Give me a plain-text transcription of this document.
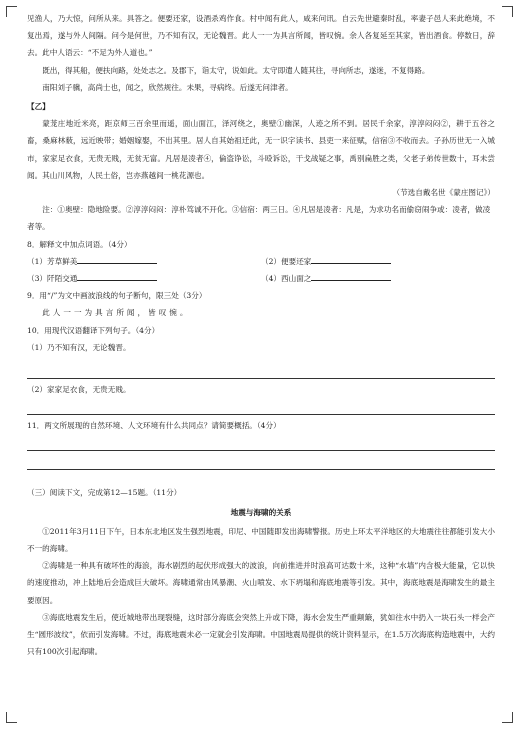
见渔人，乃大惊，问所从来。具答之。便要还家，设酒杀鸡作食。村中闻有此人，咸来问讯。自云先世避秦时乱，率妻子邑人来此绝境，不复出焉，遂与外人间隔。问今是何世，乃不知有汉，无论魏晋。此人一一为具言所闻，皆叹惋。余人各复延至其家，皆出酒食。停数日，辞去。此中人语云：“不足为外人道也。”

既出，得其船，便扶向路，处处志之。及郡下，诣太守，说如此。太守即遣人随其往，寻向所志，遂迷，不复得路。

南阳刘子骥，高尚士也，闻之，欣然规往。未果，寻病终。后遂无问津者。

【乙】

蒙茏庄地近米亮，距京师三百余里而遥，面山面江，泽河绕之，奥壁①幽深，人迹之所不到。居民千余家，淳淳闷闷②，耕于五谷之畜，桑麻林薮，远近映带；婚姻嫁娶，不出其里。居人自其始祖迁此，无一识字读书、县吏一来征赋，信宿③不收而去。子孙历世无一入城市，家家足衣食，无贵无贱，无贫无富。凡居是凌者④，倫盗诤讼，斗殴诉讼，干戈战疑之事，禹别扁胜之类，父老子弟传世数十，耳未尝闻。其山川风物，人民土俗，岂亦燕越间一桃花源也。

（节选自戴名世《蒙庄图记》）

注：①奥壁：隐地险要。②淳淳闷闷：淳朴笃诚不开化。③信宿：两三日。④凡居是凌者：凡是，为求功名而偷窃闹争或：凌者，做凌者等。

8．解释文中加点词语。（4分）

（1）芳草鲜美	（2）便要还家
（3）阡陌交通	（4）西山面之

9．用“/”为文中画波浪线的句子断句，限三处（3分）

此人一一为具言所闻，皆叹惋。

10．用现代汉语翻译下列句子。（4分）

（1）乃不知有汉，无论魏晋。

（2）家家足衣食，无贵无贱。

11．两文所展现的自然环境、人文环境有什么共同点？请简要概括。（4分）

（三）阅读下文，完成第12—15题。（11分）

地震与海啸的关系

①2011年3月11日下午，日本东北地区发生强烈地震，印尼、中国随即发出海啸警报。历史上环太平洋地区的大地震往往都能引发大小不一的海啸。

②海啸是一种具有破坏性的海浪，海水剧烈的起伏形成强大的波浪，向前推进并时浪高可达数十米，这种“水墙”内含极大能量，它以快的速度推动，冲上陆地后会造成巨大破坏。海啸通常由风暴潮、火山喷发、水下坍塌和海底地震等引发。其中，海底地震是海啸发生的最主要原因。

③海底地震发生后，使近城地带出现裂缝，这时部分海底会突然上升或下降，海水会发生严重颠簸，犹如往水中扔入一块石头一样会产生“圆形波纹”，依而引发海啸。不过，海底地震未必一定就会引发海啸。中国地震局提供的统计资料显示，在1.5万次海底构造地震中，大约只有100次引起海啸。
